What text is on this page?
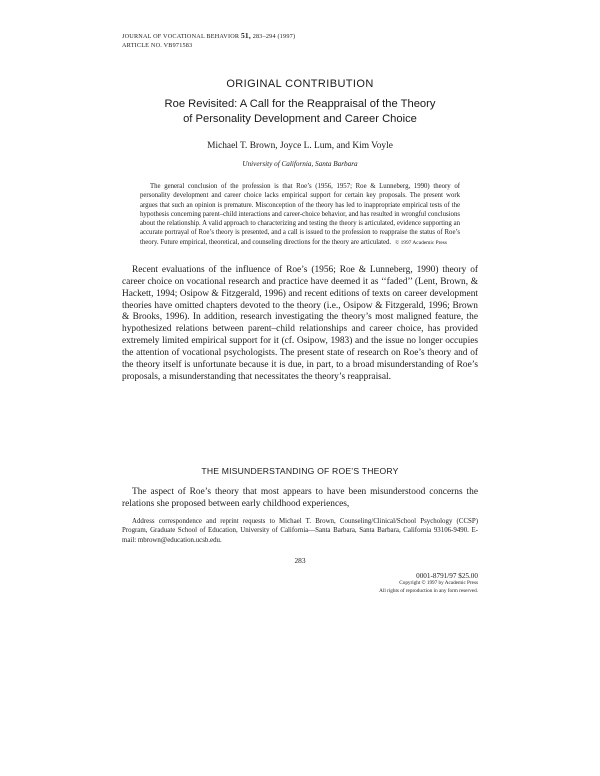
JOURNAL OF VOCATIONAL BEHAVIOR 51, 283–294 (1997)
ARTICLE NO. VB971583
ORIGINAL CONTRIBUTION
Roe Revisited: A Call for the Reappraisal of the Theory
of Personality Development and Career Choice
Michael T. Brown, Joyce L. Lum, and Kim Voyle
University of California, Santa Barbara

The general conclusion of the profession is that Roe’s (1956, 1957; Roe & Lunneberg, 1990) theory of personality development and career choice lacks empirical support for certain key proposals. The present work argues that such an opinion is premature. Misconception of the theory has led to inappropriate empirical tests of the hypothesis concerning parent–child interactions and career-choice behavior, and has resulted in wrongful conclusions about the relationship. A valid approach to characterizing and testing the theory is articulated, evidence supporting an accurate portrayal of Roe’s theory is presented, and a call is issued to the profession to reappraise the status of Roe’s theory. Future empirical, theoretical, and counseling directions for the theory are articulated. © 1997 Academic Press

Recent evaluations of the influence of Roe’s (1956; Roe & Lunneberg, 1990) theory of career choice on vocational research and practice have deemed it as ‘‘faded’’ (Lent, Brown, & Hackett, 1994; Osipow & Fitzgerald, 1996) and recent editions of texts on career development theories have omitted chapters devoted to the theory (i.e., Osipow & Fitzgerald, 1996; Brown & Brooks, 1996). In addition, research investigating the theory’s most maligned feature, the hypothesized relations between parent–child relationships and career choice, has provided extremely limited empirical support for it (cf. Osipow, 1983) and the issue no longer occupies the attention of vocational psychologists. The present state of research on Roe’s theory and of the theory itself is unfortunate because it is due, in part, to a broad misunderstanding of Roe’s proposals, a misunderstanding that necessitates the theory’s reappraisal.

THE MISUNDERSTANDING OF ROE’S THEORY

The aspect of Roe’s theory that most appears to have been misunderstood concerns the relations she proposed between early childhood experiences,

Address correspondence and reprint requests to Michael T. Brown, Counseling/Clinical/School Psychology (CCSP) Program, Graduate School of Education, University of California—Santa Barbara, Santa Barbara, California 93106-9490. E-mail: mbrown@education.ucsb.edu.

283
0001-8791/97 $25.00
Copyright © 1997 by Academic Press
All rights of reproduction in any form reserved.
